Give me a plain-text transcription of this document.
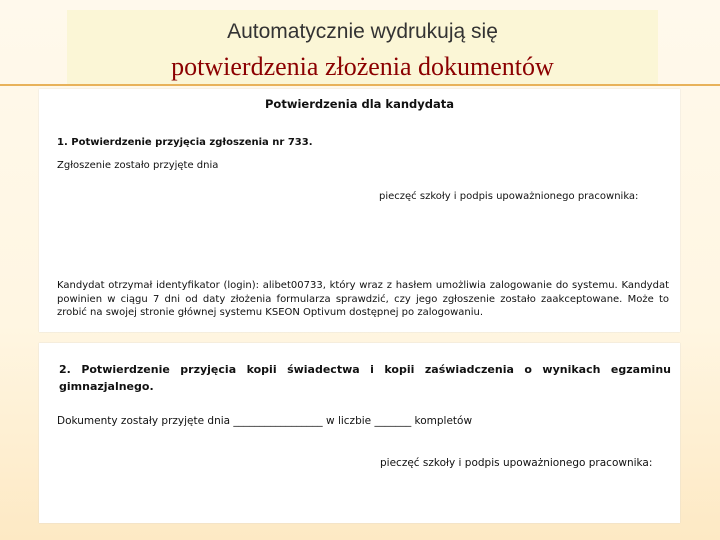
Automatycznie wydrukują się
potwierdzenia złożenia dokumentów
Potwierdzenia dla kandydata
1. Potwierdzenie przyjęcia zgłoszenia nr 733.
Zgłoszenie zostało przyjęte dnia
pieczęć szkoły i podpis upoważnionego pracownika:
Kandydat otrzymał identyfikator (login): alibet00733, który wraz z hasłem umożliwia zalogowanie do systemu. Kandydat powinien w ciągu 7 dni od daty złożenia formularza sprawdzić, czy jego zgłoszenie zostało zaakceptowane. Może to zrobić na swojej stronie głównej systemu KSEON Optivum dostępnej po zalogowaniu.
2. Potwierdzenie przyjęcia kopii świadectwa i kopii zaświadczenia o wynikach egzaminu gimnazjalnego.
Dokumenty zostały przyjęte dnia _________________ w liczbie _______ kompletów
pieczęć szkoły i podpis upoważnionego pracownika:
